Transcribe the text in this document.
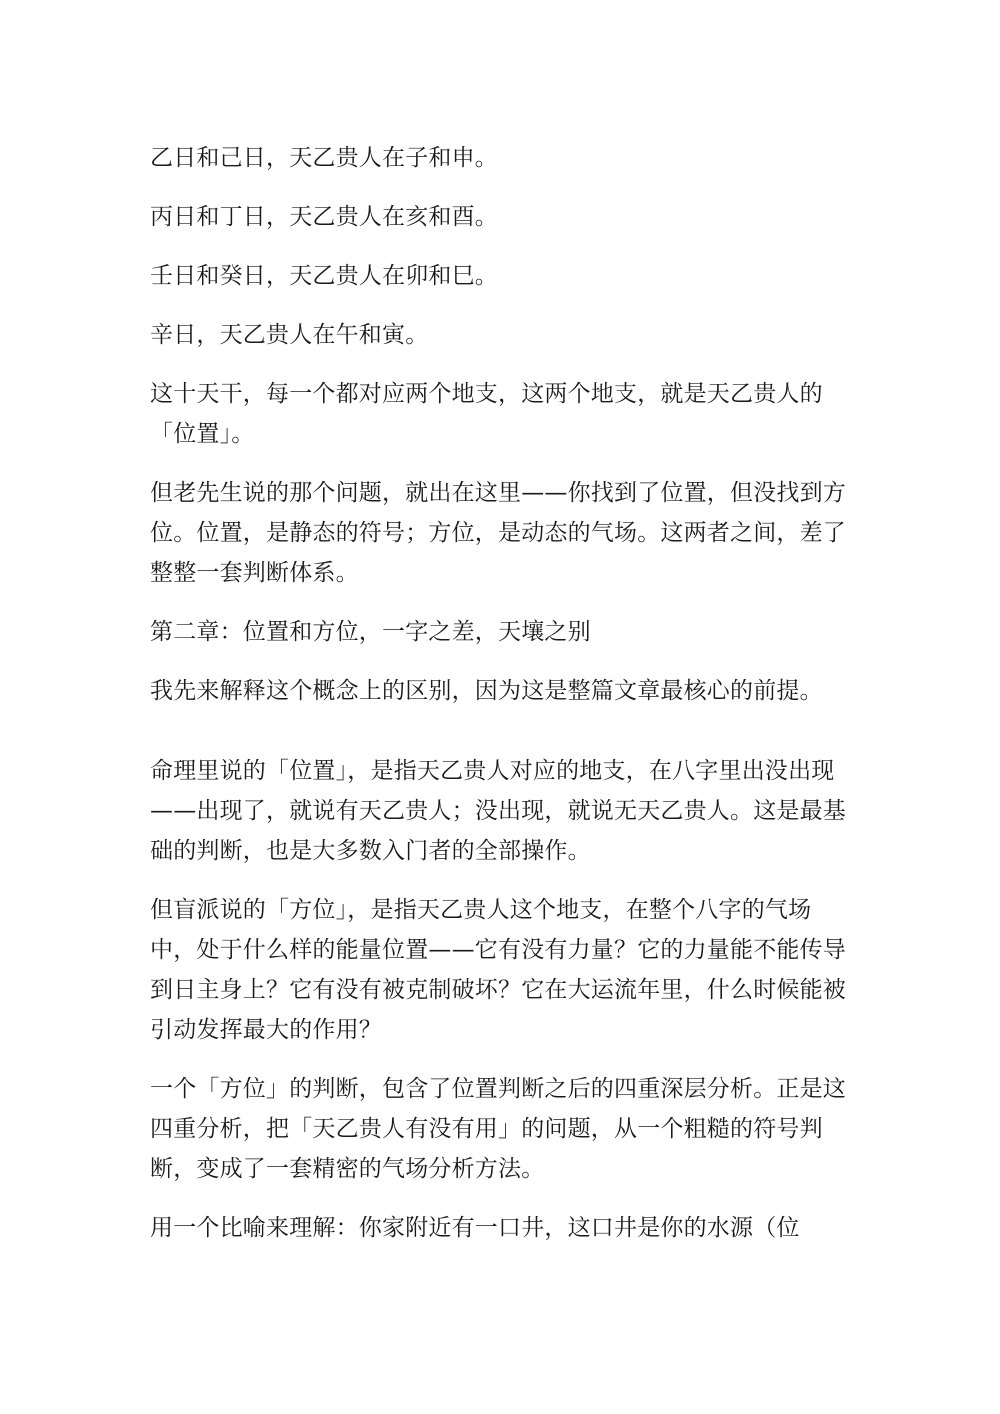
乙日和己日，天乙贵人在子和申。

丙日和丁日，天乙贵人在亥和酉。

壬日和癸日，天乙贵人在卯和巳。

辛日，天乙贵人在午和寅。

这十天干，每一个都对应两个地支，这两个地支，就是天乙贵人的「位置」。

但老先生说的那个问题，就出在这里——你找到了位置，但没找到方位。位置，是静态的符号；方位，是动态的气场。这两者之间，差了整整一套判断体系。

第二章：位置和方位，一字之差，天壤之别

我先来解释这个概念上的区别，因为这是整篇文章最核心的前提。

命理里说的「位置」，是指天乙贵人对应的地支，在八字里出没出现——出现了，就说有天乙贵人；没出现，就说无天乙贵人。这是最基础的判断，也是大多数入门者的全部操作。

但盲派说的「方位」，是指天乙贵人这个地支，在整个八字的气场中，处于什么样的能量位置——它有没有力量？它的力量能不能传导到日主身上？它有没有被克制破坏？它在大运流年里，什么时候能被引动发挥最大的作用？

一个「方位」的判断，包含了位置判断之后的四重深层分析。正是这四重分析，把「天乙贵人有没有用」的问题，从一个粗糙的符号判断，变成了一套精密的气场分析方法。

用一个比喻来理解：你家附近有一口井，这口井是你的水源（位
